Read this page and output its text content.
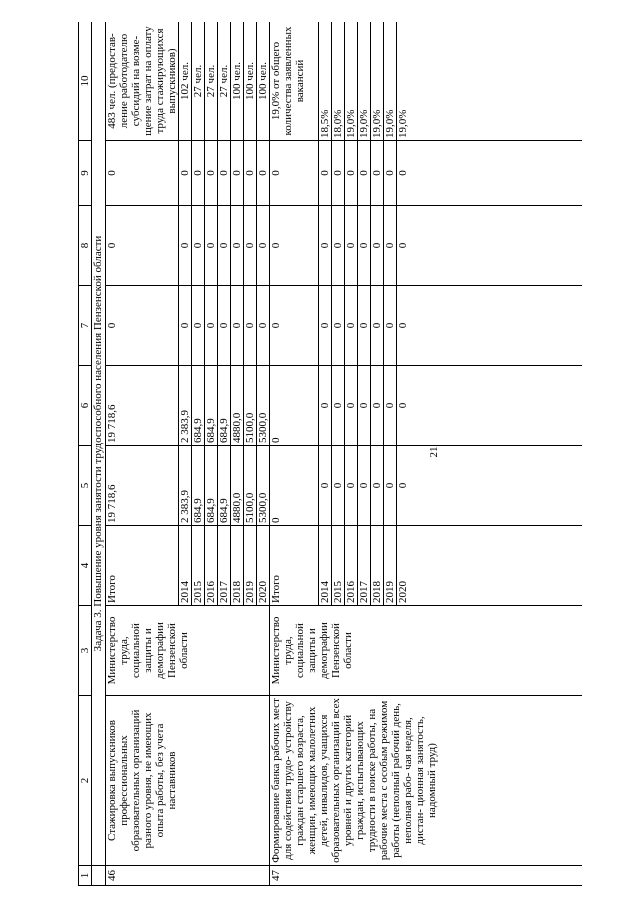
21
1	2	3	4	5	6	7	8	9	10
	Задача 3. Повышение уровня занятости трудоспособного населения Пензенской области								
46	Стажировка выпускников профессиональных образовательных организаций разного уровня, не имеющих опыта работы, без учета наставников	Министерство труда, социальной защиты и демографии Пензенской области	Итого	19 718,6	19 718,6	0	0	0	483 чел. (предостав- ление работодателю субсидий на возме- щение затрат на оплату труда стажирующихся выпускников)
			2014	2 383,9	2 383,9	0	0	0	102 чел.
			2015	684,9	684,9	0	0	0	27 чел.
			2016	684,9	684,9	0	0	0	27 чел.
			2017	684,9	684,9	0	0	0	27 чел.
			2018	4880,0	4880,0	0	0	0	100 чел.
			2019	5100,0	5100,0	0	0	0	100 чел.
			2020	5300,0	5300,0	0	0	0	100 чел.
47	Формирование банка рабочих мест для содействия трудо- устройству граждан старшего возраста, женщин, имеющих малолетних детей, инвалидов, учащихся образовательных организаций всех уровней и других категорий граждан, испытывающих трудности в поиске работы, на рабочие места с особым режимом работы (неполный рабочий день, неполная рабо- чая неделя, дистан- ционная занятость, надомный труд)	Министерство труда, социальной защиты и демографии Пензенской области	Итого	0	0	0	0	0	19,0% от общего количества заявленных вакансий
			2014	0	0	0	0	0	18,5%
			2015	0	0	0	0	0	18,0%
			2016	0	0	0	0	0	19,0%
			2017	0	0	0	0	0	19,0%
			2018	0	0	0	0	0	19,0%
			2019	0	0	0	0	0	19,0%
			2020	0	0	0	0	0	19,0%
